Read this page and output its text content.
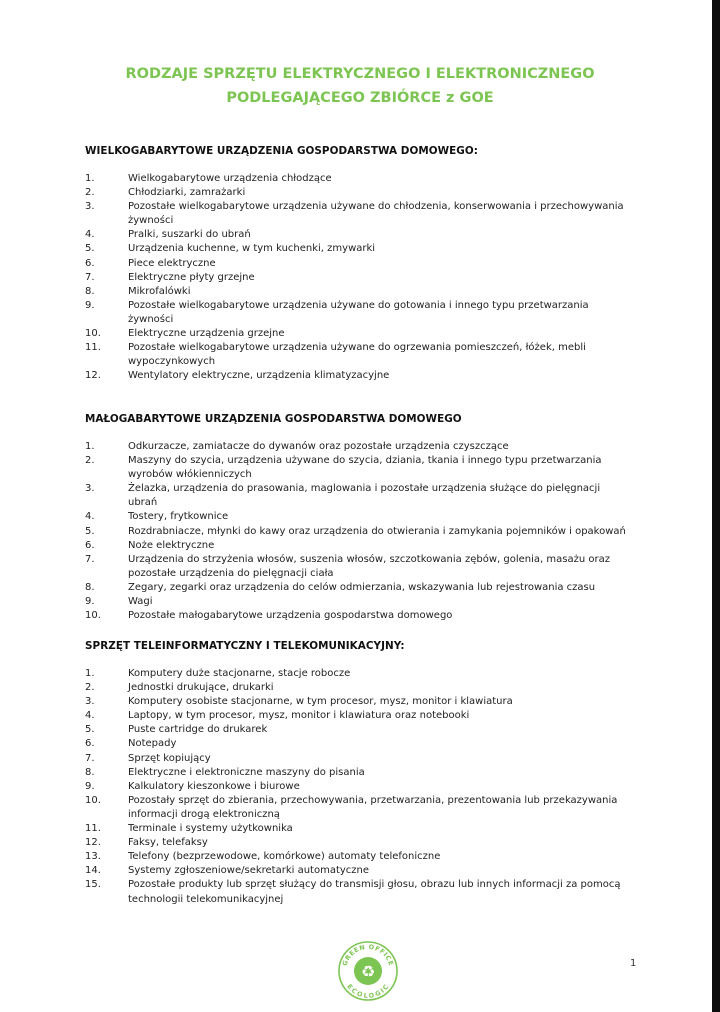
RODZAJE SPRZĘTU ELEKTRYCZNEGO I ELEKTRONICZNEGO
PODLEGAJĄCEGO ZBIÓRCE z GOE
WIELKOGABARYTOWE URZĄDZENIA GOSPODARSTWA DOMOWEGO:
1.	Wielkogabarytowe urządzenia chłodzące
2.	Chłodziarki, zamrażarki
3.	Pozostałe wielkogabarytowe urządzenia używane do chłodzenia, konserwowania i przechowywania żywności
4.	Pralki, suszarki do ubrań
5.	Urządzenia kuchenne, w tym kuchenki, zmywarki
6.	Piece elektryczne
7.	Elektryczne płyty grzejne
8.	Mikrofalówki
9.	Pozostałe wielkogabarytowe urządzenia używane do gotowania i innego typu przetwarzania żywności
10.	Elektryczne urządzenia grzejne
11.	Pozostałe wielkogabarytowe urządzenia używane do ogrzewania pomieszczeń, łóżek, mebli wypoczynkowych
12.	Wentylatory elektryczne, urządzenia klimatyzacyjne
MAŁOGABARYTOWE URZĄDZENIA GOSPODARSTWA DOMOWEGO
1.	Odkurzacze, zamiatacze do dywanów oraz pozostałe urządzenia czyszczące
2.	Maszyny do szycia, urządzenia używane do szycia, dziania, tkania i innego typu przetwarzania wyrobów włókienniczych
3.	Żelazka, urządzenia do prasowania, maglowania i pozostałe urządzenia służące do pielęgnacji ubrań
4.	Tostery, frytkownice
5.	Rozdrabniacze, młynki do kawy oraz urządzenia do otwierania i zamykania pojemników i opakowań
6.	Noże elektryczne
7.	Urządzenia do strzyżenia włosów, suszenia włosów, szczotkowania zębów, golenia, masażu oraz pozostałe urządzenia do pielęgnacji ciała
8.	Zegary, zegarki oraz urządzenia do celów odmierzania, wskazywania lub rejestrowania czasu
9.	Wagi
10.	Pozostałe małogabarytowe urządzenia gospodarstwa domowego
SPRZĘT TELEINFORMATYCZNY I TELEKOMUNIKACYJNY:
1.	Komputery duże stacjonarne, stacje robocze
2.	Jednostki drukujące, drukarki
3.	Komputery osobiste stacjonarne, w tym procesor, mysz, monitor i klawiatura
4.	Laptopy, w tym procesor, mysz, monitor i klawiatura oraz notebooki
5.	Puste cartridge do drukarek
6.	Notepady
7.	Sprzęt kopiujący
8.	Elektryczne i elektroniczne maszyny do pisania
9.	Kalkulatory kieszonkowe i biurowe
10.	Pozostały sprzęt do zbierania, przechowywania, przetwarzania, prezentowania lub przekazywania informacji drogą elektroniczną
11.	Terminale i systemy użytkownika
12.	Faksy, telefaksy
13.	Telefony (bezprzewodowe, komórkowe) automaty telefoniczne
14.	Systemy zgłoszeniowe/sekretarki automatyczne
15.	Pozostałe produkty lub sprzęt służący do transmisji głosu, obrazu lub innych informacji za pomocą technologii telekomunikacyjnej
GREEN OFFICE
ECOLOGIC
♻	1
